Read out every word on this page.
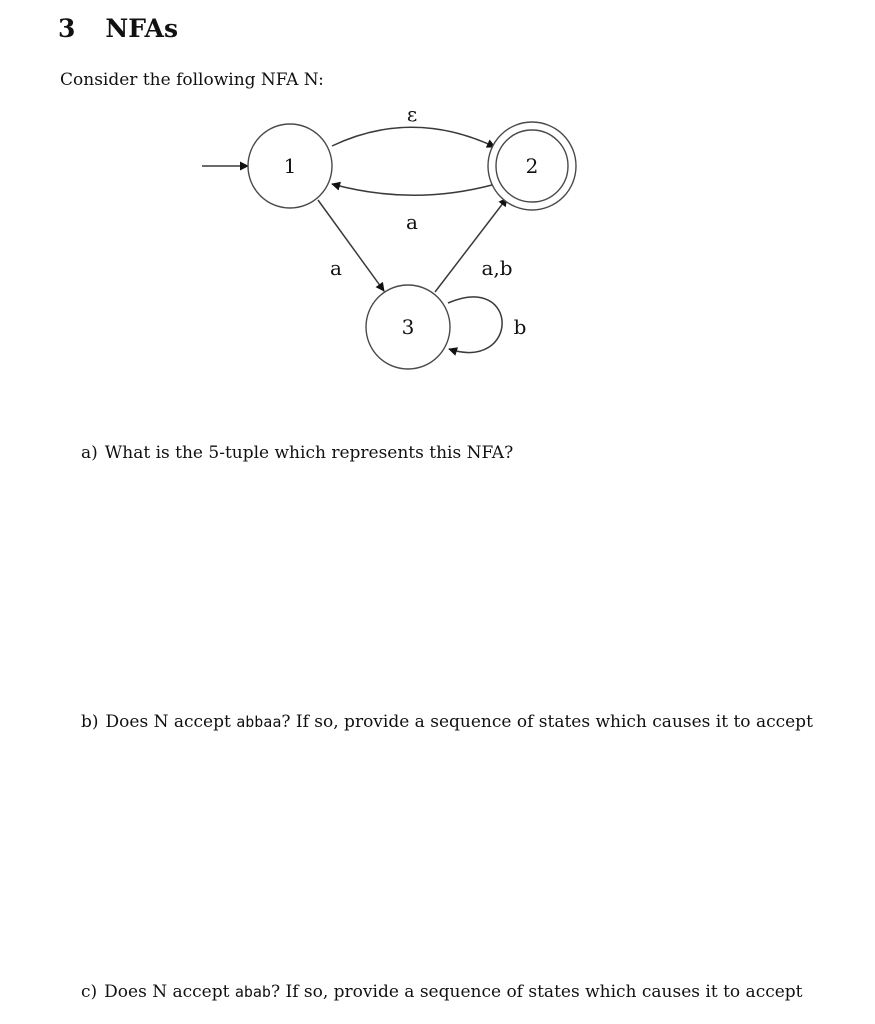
3 NFAs
Consider the following NFA N:
ε
a
a	a,b
b
1	2
3
a) What is the 5-tuple which represents this NFA?
b) Does N accept abbaa? If so, provide a sequence of states which causes it to accept
c) Does N accept abab? If so, provide a sequence of states which causes it to accept
